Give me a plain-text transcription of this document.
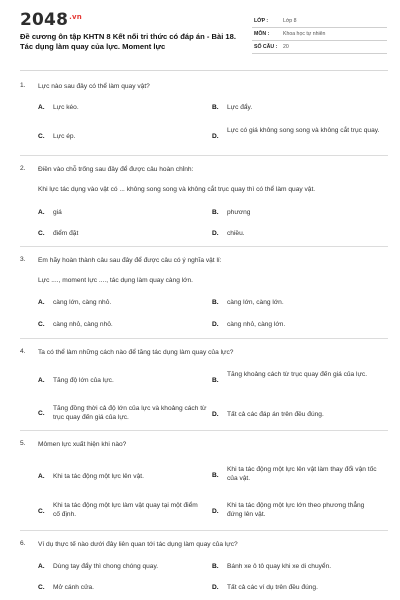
$2048^{.vn}$
Đề cương ôn tập KHTN 8 Kết nối tri thức có đáp án - Bài 18. Tác dụng làm quay của lực. Moment lực
LỚP :	Lớp 8
MÔN :	Khoa học tự nhiên
SỐ CÂU :	20
1. Lực nào sau đây có thể làm quay vật?
A. Lực kéo.	B. Lực đẩy.
C. Lực ép.	D.
Lực có giá không song song và không cắt trục quay.
2. Điền vào chỗ trống sau đây để được câu hoàn chỉnh:
Khi lực tác dụng vào vật có ... không song song và không cắt trục quay thì có thể làm quay vật.
A. giá	B. phương
C. điểm đặt	D. chiều.
3. Em hãy hoàn thành câu sau đây để được câu có ý nghĩa vật lí:
Lực ...., moment lực ...., tác dụng làm quay càng lớn.
A. càng lớn, càng nhỏ.	B. càng lớn, càng lớn.
C. càng nhỏ, càng nhỏ.	D. càng nhỏ, càng lớn.
4. Ta có thể làm những cách nào để tăng tác dụng làm quay của lực?
A. Tăng độ lớn của lực.	B.
Tăng khoảng cách từ trục quay đến giá của lực.
C.
Tăng đồng thời cả độ lớn của lực và khoảng cách từ trục quay đến giá của lực.	D. Tất cả các đáp án trên đều đúng.
5. Mômen lực xuất hiện khi nào?
A. Khi ta tác động một lực lên vật.	B.
Khi ta tác động một lực lên vật làm thay đổi vận tốc của vật.
C.
Khi ta tác động một lực làm vật quay tại một điểm cố định.	D.
Khi ta tác động một lực lớn theo phương thẳng đứng lên vật.
6. Ví dụ thực tế nào dưới đây liên quan tới tác dụng làm quay của lực?
A. Dùng tay đẩy thì chong chóng quay.	B. Bánh xe ô tô quay khi xe di chuyển.
C. Mở cánh cửa.	D. Tất cả các ví dụ trên đều đúng.
